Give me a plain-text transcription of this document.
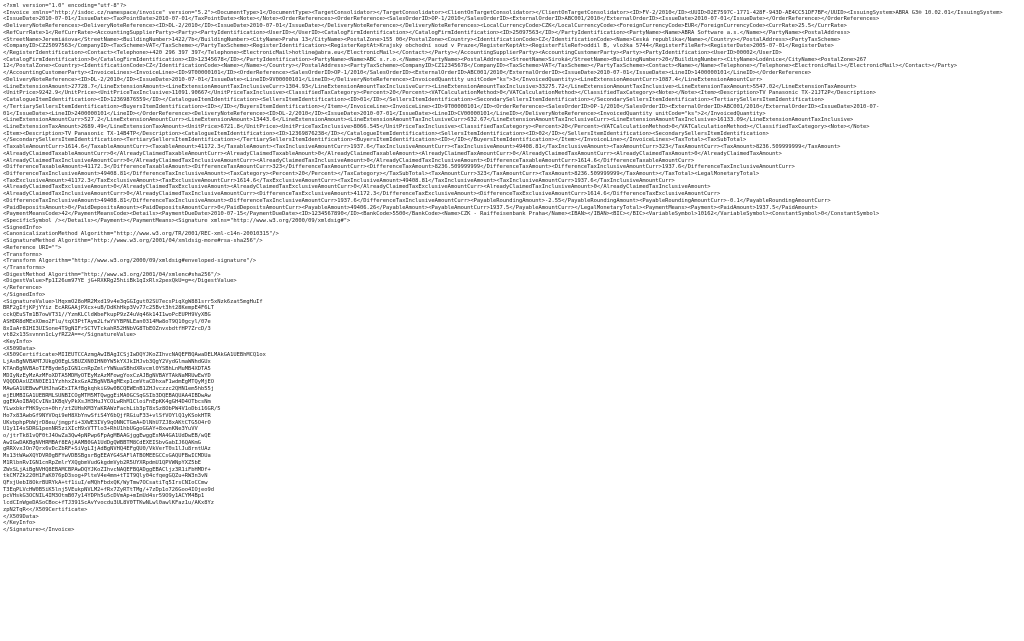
<?xml version="1.0" encoding="utf-8"?>
<Invoice xmlns="http://isdoc.cz/namespace/invoice" version="5.2"><DocumentType>1</DocumentType><TargetConsolidator></TargetConsolidator><ClientOnTargetConsolidator></ClientOnTargetConsolidator><ID>FV-2/2010</ID><UUID>D2E7597C-1771-428F-943D-AE4CC51DF7BF</UUID><IssuingSystem>ABRA G3® 10.02.01</IssuingSystem>
<IssueDate>2010-07-01</IssueDate><TaxPointDate>2010-07-01</TaxPointDate><Note></Note><OrderReferences><OrderReference><SalesOrderID>OP-1/2010</SalesOrderID><ExternalOrderID>ABC001/2010</ExternalOrderID><IssueDate>2010-07-01</IssueDate></OrderReference></OrderReferences>
<DeliveryNoteReferences><DeliveryNoteReference><ID>DL-2/2010</ID><IssueDate>2010-07-01</IssueDate></DeliveryNoteReference></DeliveryNoteReferences><LocalCurrencyCode>CZK</LocalCurrencyCode><ForeignCurrencyCode>EUR</ForeignCurrencyCode><CurrRate>25.5</CurrRate>
<RefCurrRate>1</RefCurrRate><AccountingSupplierParty><Party><PartyIdentification><UserID></UserID><CatalogFirmIdentification></CatalogFirmIdentification><ID>25097563</ID></PartyIdentification><PartyName><Name>ABRA Software a.s.</Name></PartyName><PostalAddress>
<StreetName>Jeremiášova</StreetName><BuildingNumber>1422/7b</BuildingNumber><CityName>Praha 13</CityName><PostalZone>155 00</PostalZone><Country><IdentificationCode>CZ</IdentificationCode><Name>Česká republika</Name></Country></PostalAddress><PartyTaxScheme>
<CompanyID>CZ25097563</CompanyID><TaxScheme>VAT</TaxScheme></PartyTaxScheme><RegisterIdentification><RegisterKeptAt>Krajský obchodní soud v Praze</RegisterKeptAt><RegisterFileRef>oddíl B, vložka 5744</RegisterFileRef><RegisterDate>2005-07-01</RegisterDate>
</RegisterIdentification><Contact><Telephone>+420 296 397 397</Telephone><ElectronicMail>hotline@abra.eu</ElectronicMail></Contact></Party></AccountingSupplierParty><AccountingCustomerParty><Party><PartyIdentification><UserID>00002</UserID>
<CatalogFirmIdentification>0</CatalogFirmIdentification><ID>12345678</ID></PartyIdentification><PartyName><Name>ABC s.r.o.</Name></PartyName><PostalAddress><StreetName>Široká</StreetName><BuildingNumber>20</BuildingNumber><CityName>Loděnice</CityName><PostalZone>267
12</PostalZone><Country><IdentificationCode>CZ</IdentificationCode><Name></Name></Country></PostalAddress><PartyTaxScheme><CompanyID>CZ12345678</CompanyID><TaxScheme>VAT</TaxScheme></PartyTaxScheme><Contact><Name></Name><Telephone></Telephone><ElectronicMail></ElectronicMail></Contact></Party>
</AccountingCustomerParty><InvoiceLines><InvoiceLine><ID>9T00000101</ID><OrderReference><SalesOrderID>OP-1/2010</SalesOrderID><ExternalOrderID>ABC001/2010</ExternalOrderID><IssueDate>2010-07-01</IssueDate><LineID>1400000101</LineID></OrderReference>
<DeliveryNoteReference><ID>DL-2/2010</ID><IssueDate>2010-07-01</IssueDate><LineID>9V00000101</LineID></DeliveryNoteReference><InvoicedQuantity unitCode="ks">3</InvoicedQuantity><LineExtensionAmountCurr>1087.4</LineExtensionAmountCurr>
<LineExtensionAmount>27728.7</LineExtensionAmount><LineExtensionAmountTaxInclusiveCurr>1304.93</LineExtensionAmountTaxInclusiveCurr><LineExtensionAmountTaxInclusive>33275.72</LineExtensionAmountTaxInclusive><LineExtensionTaxAmount>5547.02</LineExtensionTaxAmount>
<UnitPrice>9242.9</UnitPrice><UnitPriceTaxInclusive>11091.90667</UnitPriceTaxInclusive><ClassifiedTaxCategory><Percent>20</Percent><VATCalculationMethod>0</VATCalculationMethod></ClassifiedTaxCategory><Note></Note><Item><Description>TV Panasonic TX-21JT2P</Description>
<CatalogueItemIdentification><ID>12369876559</ID></CatalogueItemIdentification><SellersItemIdentification><ID>01</ID></SellersItemIdentification><SecondarySellersItemIdentification></SecondarySellersItemIdentification><TertiarySellersItemIdentification>
</TertiarySellersItemIdentification><BuyersItemIdentification><ID></ID></BuyersItemIdentification></Item></InvoiceLine><InvoiceLine><ID>9T00000101</ID><OrderReference><SalesOrderID>OP-1/2010</SalesOrderID><ExternalOrderID>ABC001/2010</ExternalOrderID><IssueDate>2010-07-
01</IssueDate><LineID>2400000101</LineID></OrderReference><DeliveryNoteReference><ID>DL-2/2010</ID><IssueDate>2010-07-01</IssueDate><LineID>CV00000101</LineID></DeliveryNoteReference><InvoicedQuantity unitCode="ks">2</InvoicedQuantity>
<LineExtensionAmountCurr>527.2</LineExtensionAmountCurr><LineExtensionAmount>13443.6</LineExtensionAmount><LineExtensionAmountTaxInclusiveCurr>632.67</LineExtensionAmountTaxInclusiveCurr><LineExtensionAmountTaxInclusive>16133.09</LineExtensionAmountTaxInclusive>
<LineExtensionTaxAmount>2689.49</LineExtensionTaxAmount><UnitPrice>6721.8</UnitPrice><UnitPriceTaxInclusive>8066.545</UnitPriceTaxInclusive><ClassifiedTaxCategory><Percent>20</Percent><VATCalculationMethod>0</VATCalculationMethod></ClassifiedTaxCategory><Note></Note>
<Item><Description>TV Panasonic TX-14B4TP</Description><CatalogueItemIdentification><ID>12369876238</ID></CatalogueItemIdentification><SellersItemIdentification><ID>02</ID></SellersItemIdentification><SecondarySellersItemIdentification>
</SecondarySellersItemIdentification><TertiarySellersItemIdentification></TertiarySellersItemIdentification><BuyersItemIdentification><ID></ID></BuyersItemIdentification></Item></InvoiceLine></InvoiceLines><TaxTotal><TaxSubTotal>
<TaxableAmountCurr>1614.6</TaxableAmountCurr><TaxableAmount>41172.3</TaxableAmount><TaxInclusiveAmountCurr>1937.6</TaxInclusiveAmountCurr><TaxInclusiveAmount>49408.81</TaxInclusiveAmount><TaxAmountCurr>323</TaxAmountCurr><TaxAmount>8236.509999999</TaxAmount>
<AlreadyClaimedTaxableAmountCurr>0</AlreadyClaimedTaxableAmountCurr><AlreadyClaimedTaxableAmount>0</AlreadyClaimedTaxableAmount><AlreadyClaimedTaxAmountCurr>0</AlreadyClaimedTaxAmountCurr><AlreadyClaimedTaxAmount>0</AlreadyClaimedTaxAmount>
<AlreadyClaimedTaxInclusiveAmountCurr>0</AlreadyClaimedTaxInclusiveAmountCurr><AlreadyClaimedTaxInclusiveAmount>0</AlreadyClaimedTaxInclusiveAmount><DifferenceTaxableAmountCurr>1614.6</DifferenceTaxableAmountCurr>
<DifferenceTaxableAmount>41172.3</DifferenceTaxableAmount><DifferenceTaxAmountCurr>323</DifferenceTaxAmountCurr><DifferenceTaxAmount>8236.509999999</DifferenceTaxAmount><DifferenceTaxInclusiveAmountCurr>1937.6</DifferenceTaxInclusiveAmountCurr>
<DifferenceTaxInclusiveAmount>49408.81</DifferenceTaxInclusiveAmount><TaxCategory><Percent>20</Percent></TaxCategory></TaxSubTotal><TaxAmountCurr>323</TaxAmountCurr><TaxAmount>8236.509999999</TaxAmount></TaxTotal><LegalMonetaryTotal>
<TaxExclusiveAmount>41172.3</TaxExclusiveAmount><TaxExclusiveAmountCurr>1614.6</TaxExclusiveAmountCurr><TaxInclusiveAmount>49408.81</TaxInclusiveAmount><TaxInclusiveAmountCurr>1937.6</TaxInclusiveAmountCurr>
<AlreadyClaimedTaxExclusiveAmount>0</AlreadyClaimedTaxExclusiveAmount><AlreadyClaimedTaxExclusiveAmountCurr>0</AlreadyClaimedTaxExclusiveAmountCurr><AlreadyClaimedTaxInclusiveAmount>0</AlreadyClaimedTaxInclusiveAmount>
<AlreadyClaimedTaxInclusiveAmountCurr>0</AlreadyClaimedTaxInclusiveAmountCurr><DifferenceTaxExclusiveAmount>41172.3</DifferenceTaxExclusiveAmount><DifferenceTaxExclusiveAmountCurr>1614.6</DifferenceTaxExclusiveAmountCurr>
<DifferenceTaxInclusiveAmount>49408.81</DifferenceTaxInclusiveAmount><DifferenceTaxInclusiveAmountCurr>1937.6</DifferenceTaxInclusiveAmountCurr><PayableRoundingAmount>-2.55</PayableRoundingAmount><PayableRoundingAmountCurr>-0.1</PayableRoundingAmountCurr>
<PaidDepositsAmount>0</PaidDepositsAmount><PaidDepositsAmountCurr>0</PaidDepositsAmountCurr><PayableAmount>49406.26</PayableAmount><PayableAmountCurr>1937.5</PayableAmountCurr></LegalMonetaryTotal><PaymentMeans><Payment><PaidAmount>1937.5</PaidAmount>
<PaymentMeansCode>42</PaymentMeansCode><Details><PaymentDueDate>2010-07-15</PaymentDueDate><ID>1234567890</ID><BankCode>5500</BankCode><Name>CZK - Raiffeisenbank Praha</Name><IBAN></IBAN><BIC></BIC><VariableSymbol>10162</VariableSymbol><ConstantSymbol>0</ConstantSymbol>
<SpecificSymbol /></Details></Payment></PaymentMeans><Signature xmlns="http://www.w3.org/2000/09/xmldsig#">
<SignedInfo>
<CanonicalizationMethod Algorithm="http://www.w3.org/TR/2001/REC-xml-c14n-20010315"/>
<SignatureMethod Algorithm="http://www.w3.org/2001/04/xmldsig-more#rsa-sha256"/>
<Reference URI="">
<Transforms>
<Transform Algorithm="http://www.w3.org/2000/09/xmldsig#enveloped-signature"/>
</Transforms>
<DigestMethod Algorithm="http://www.w3.org/2001/04/xmlenc#sha256"/>
<DigestValue>Fp1I26um97YE jG+RXKRg25hiiBk1qIxRlx2pexQkU=g=</DigestValue>
</Reference>
</SignedInfo>
<SignatureValue>lHqxmO28oMR2Mxd19v4e3qGGIgut02SU7ecsPiqXgW881srr5xNzk6zat5mgHuIf
BRF2gIfjKPjYYiz EcARGAAjPXcx+uB/DdKhHkp3Vv77c25Bvt3ht28KempE4F6LT
cckQEuSTm1B7owVT31//YzmKLCldWbeFkupP9zZ4uVq46k14I1woPcEUPH9VyXBG
ASHDR8dMExXOmo2Flu/tqX3PtTAym2LfwYVYBPNLEan0314Mw8oT9Q10gcyl/07e
8xIaAr8IHI3UISone4T9gNIFrSCTVTckahR52HNbVG8TbEOZnvxbdtfHP7ZrcD/3
vt82x13Ssvnnn1cLyfRZ2A==</SignatureValue>
<KeyInfo>
<X509Data>
<X509Certificate>MIIEUTCCAzmgAwIBAgICSjIwDQYJKoZIhvcNAQEFBQAwaDELMAkGA1UEBhMCQ1ox
LjAsBgNVBAMTJUkgQ0EgLSBUZXN0IHN0YW5kYXJkIHJvb3QgY2VydGlmaWNhdGUx
KTAnBgNVBAoTIFBydm5pIGN1cnRpZmlrYWNuaSBhdXRvcml0YSBhLnMuMB4XDTA5
MDIyNzEyMzAzMFoXDTA5MDMyOTEyMzAzMFowgYoxCzAJBgNVBAYTAkNaMRUwEwYD
VQQDDAxUZXN0IE11YzhhxZkxGzAZBgNVBAgMExp1cmVtaCDhxaF1wdmEgMTQyMjEO
MAwGA1UEBwwFUHJhaGExITAfBgkqhkiG9w0BCQEWEnB1ZHJvczzc2QHN1em5hb55j
ejEUMBIGA1UEBRMLSUNBICOgMTM5MTQwggEiMA0GCSqGSIb3DQEBAQUAA4IBDwAw
ggEKAoIBAQCvINx1KBqVyPkXsJH3HuJYCOLwRhM1CloiFnEpKK4gGH4D4OTbcsNm
YLwxbkrFHK9ycn+0hr/ztZUHsKM3YaKRAWzFachLib3pT8xSz8ObPW4V1oDbi16GR/5
Ho7x83AwbGf9NYVOqi9eH8XbYnwSfiS4Y6bQjfRGiuF33+vlSfVOYlQ1yKSokHTR
UKvbphpPbWjrD8eu/jmgpfi+3XWE3IVy9qONNCTGmA+DlNhU7ZJ8xAKtCTG5O4rO
U1y1I4sSDRG1penNR5ziXIcH9xVTTlo3+RhU1hbUGgoGGAY+8xwnKNe3YuVV
o/jtrTk81vQF0tJ4OwZa3Qw4pNPwp6FpAgMBAAGjggEwggEsMA4GA1UdDwEB/wQE
AwIGwDAKBgNVHRMBAf8EAjAAMB0GA1UdDgQWBBTM8CdEXEISbvGabIJ6QAKmG
gRRXvxJOn7Qrx6vDcZbRF+SiVgLIjAdBgNVHQ4EFgQU0/VkVerT0s1lJu8rntUAz
Ms13tWAwXQYDVR0gBFYwVDBSBgsrBgEEAYG4SAFlATBOMEEGCCsGAQUFBwICMDUa
M1RlbnRvIGN1cnRpZmlrYXQgbmVudGkgdmVyb2R5UYXRpdmU1QPVWNpYXZ5bE
ZWxSLjAiBgNVHQ8EBAMCBPAwDQYJKoZIhvcNAQEFBQADggEBACljz3R1iFbHMDf+
tkCM7Zk220H1FaK076pD3sog+PlteV4e4mm+tTIT9Qly04cfqegGQZu+RW3n3vN
QFxjUebI8OkrBURYkA+tf1iuI/eMQhFbdxQK/WyTmw7OCsatiTq5IrsCNIoCCmw
T3EqPLVcHW0B5iK5lnj5VEukpNVLM2+fRx7ZyRTtTMg/+7zDp1o726Goo4IOjeo9d
pcVHskG3OCNIL4IM3OtmB07y14YDPh5u5cDVmAp+mImUd4sr59O9y1ACYM4Bp1
lcdCInWgeDASoCBoc+fTJ391ScAvYvocdu3UL8V0TTKwNLwl0awlKFaz1u/AKx8Yz
zpN2TqR<</X509Certificate>
</X509Data>
</KeyInfo>
</Signature></Invoice>
